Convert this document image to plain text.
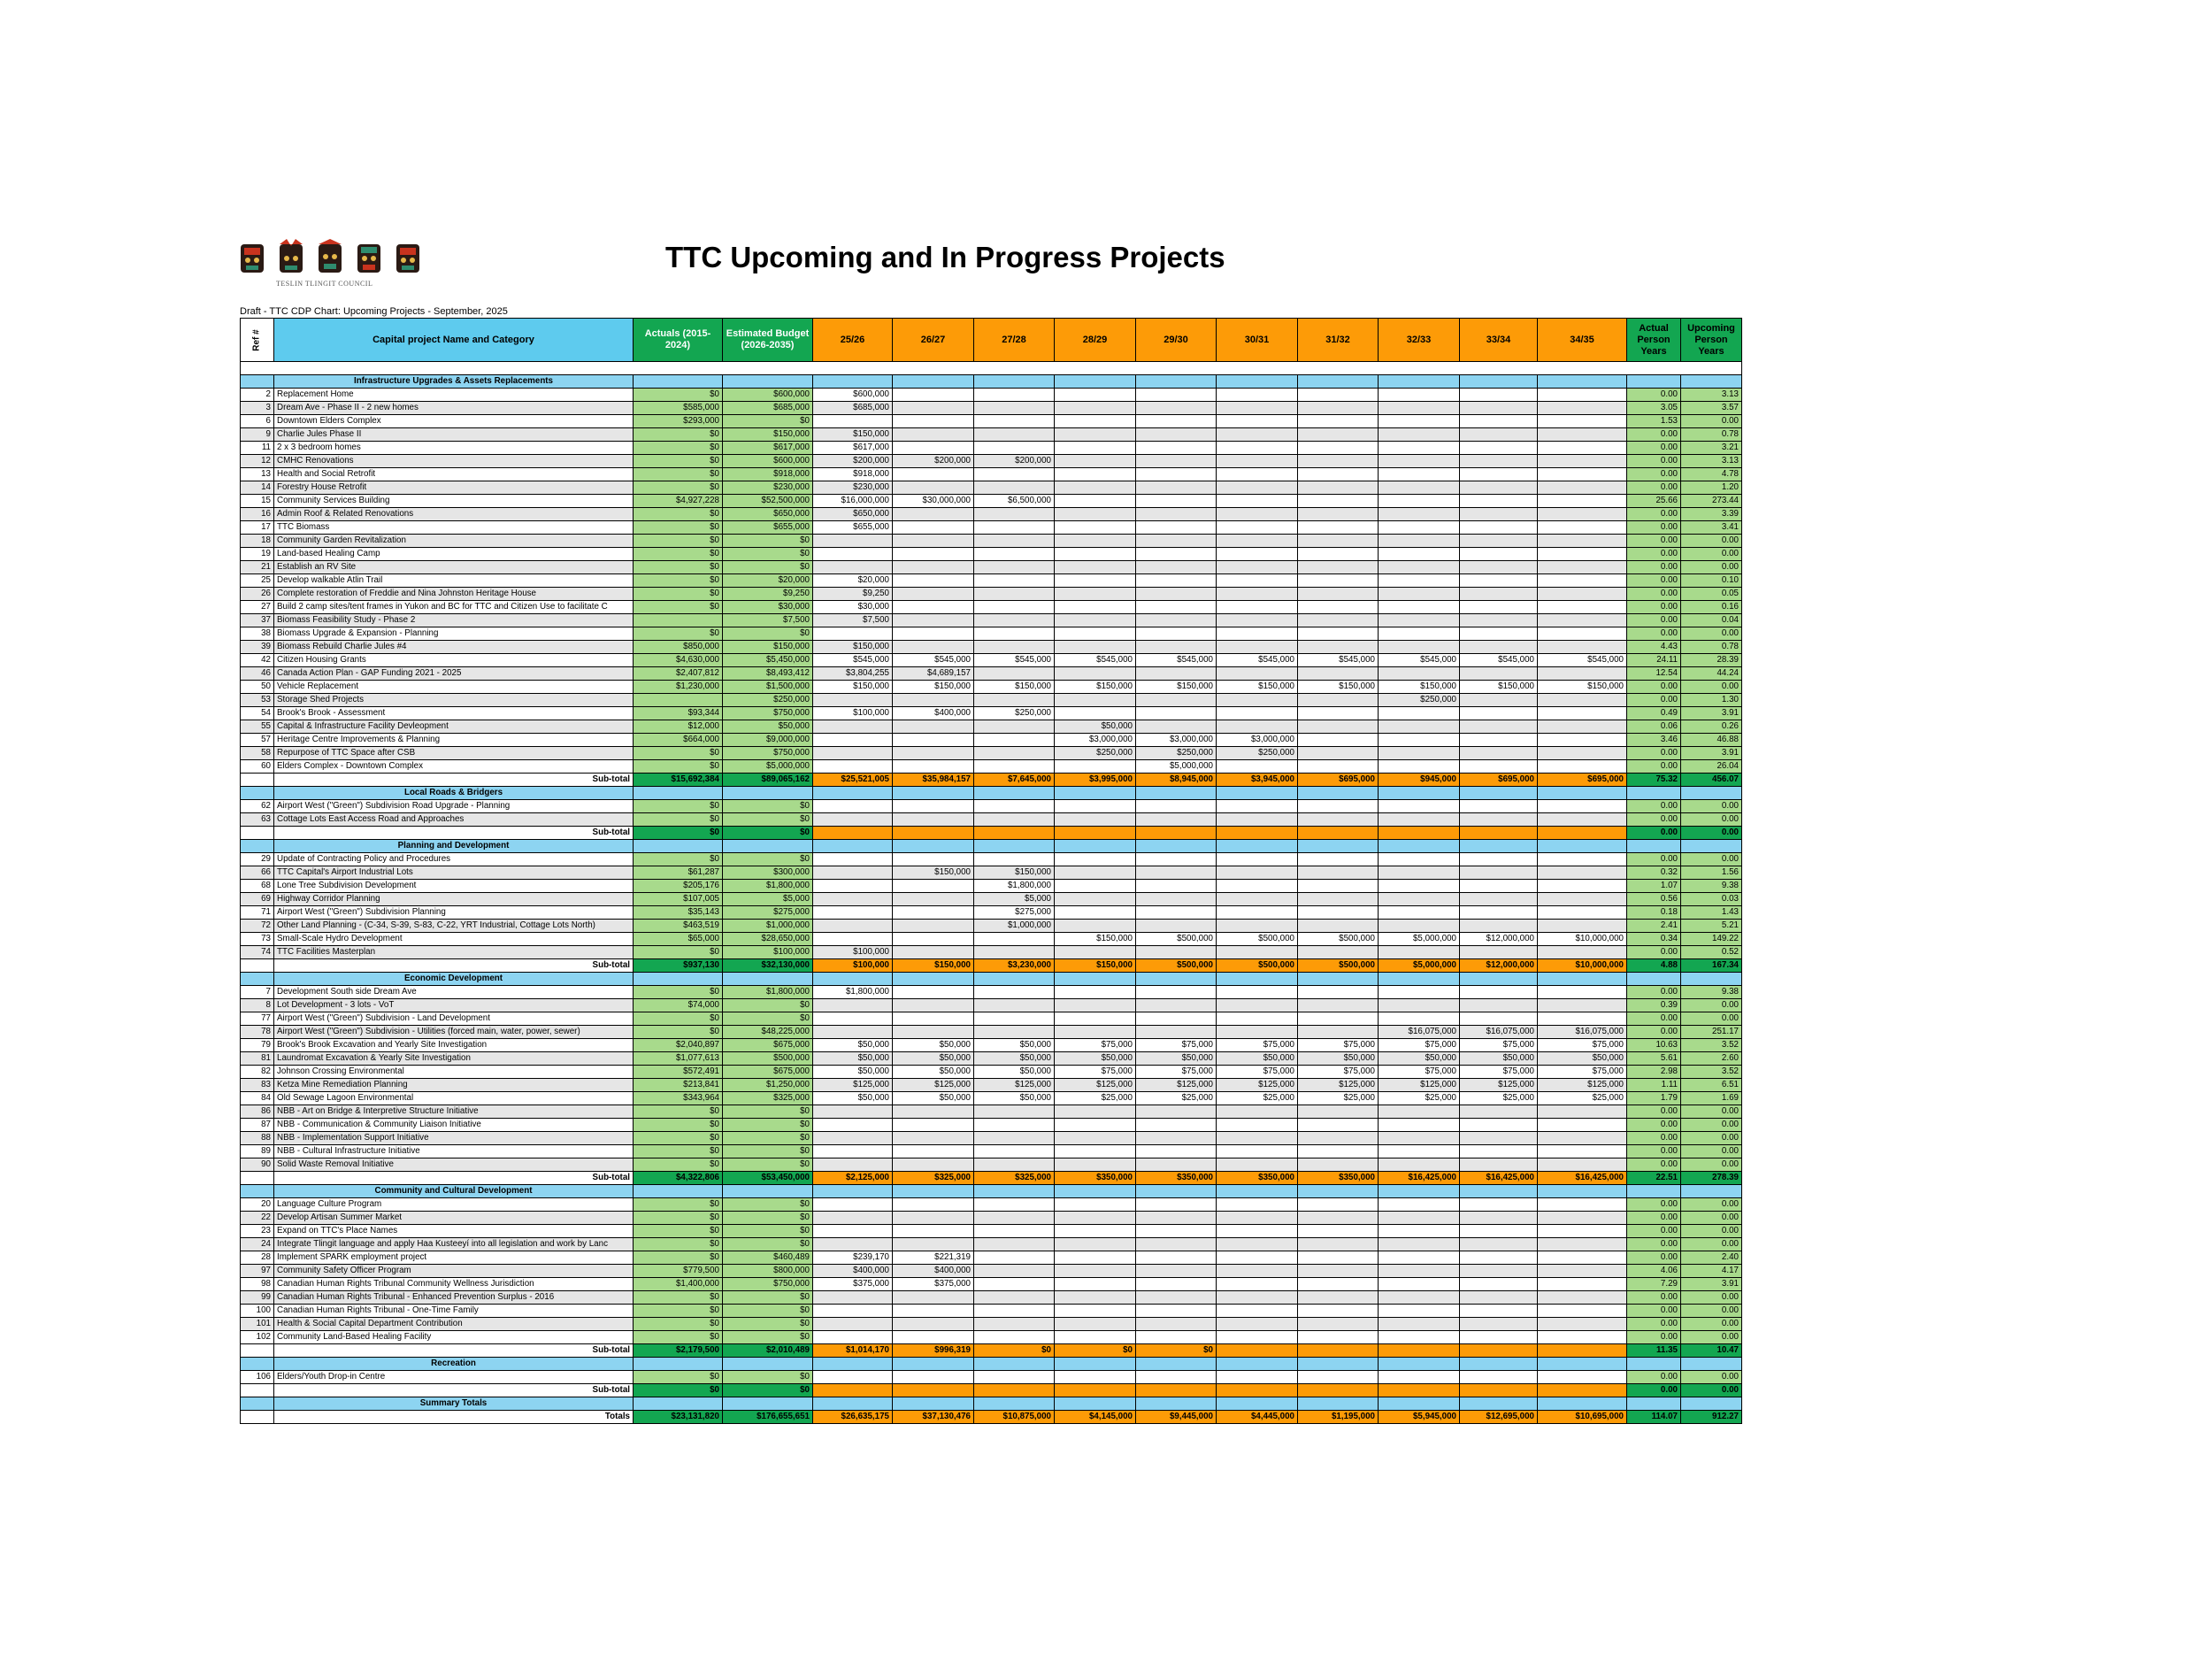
TESLIN TLINGIT COUNCIL
TTC Upcoming and In Progress Projects
Draft - TTC CDP Chart: Upcoming Projects - September, 2025
Ref #	Capital project Name and Category	Actuals (2015-2024)	Estimated Budget (2026-2035)	25/26	26/27	27/28	28/29	29/30	30/31	31/32	32/33	33/34	34/35	Actual Person Years	Upcoming Person Years

	Infrastructure Upgrades & Assets Replacements														
2	Replacement Home	$0	$600,000	$600,000										0.00	3.13
3	Dream Ave - Phase II - 2 new homes	$585,000	$685,000	$685,000										3.05	3.57
6	Downtown Elders Complex	$293,000	$0											1.53	0.00
9	Charlie Jules Phase II	$0	$150,000	$150,000										0.00	0.78
11	2 x 3 bedroom homes	$0	$617,000	$617,000										0.00	3.21
12	CMHC Renovations	$0	$600,000	$200,000	$200,000	$200,000								0.00	3.13
13	Health and Social Retrofit	$0	$918,000	$918,000										0.00	4.78
14	Forestry House Retrofit	$0	$230,000	$230,000										0.00	1.20
15	Community Services Building	$4,927,228	$52,500,000	$16,000,000	$30,000,000	$6,500,000								25.66	273.44
16	Admin Roof & Related Renovations	$0	$650,000	$650,000										0.00	3.39
17	TTC Biomass	$0	$655,000	$655,000										0.00	3.41
18	Community Garden Revitalization	$0	$0											0.00	0.00
19	Land-based Healing Camp	$0	$0											0.00	0.00
21	Establish an RV Site	$0	$0											0.00	0.00
25	Develop walkable Atlin Trail	$0	$20,000	$20,000										0.00	0.10
26	Complete restoration of Freddie and Nina Johnston Heritage House	$0	$9,250	$9,250										0.00	0.05
27	Build 2 camp sites/tent frames in Yukon and BC for TTC and Citizen Use to facilitate C	$0	$30,000	$30,000										0.00	0.16
37	Biomass Feasibility Study - Phase 2		$7,500	$7,500										0.00	0.04
38	Biomass Upgrade & Expansion - Planning	$0	$0											0.00	0.00
39	Biomass Rebuild Charlie Jules #4	$850,000	$150,000	$150,000										4.43	0.78
42	Citizen Housing Grants	$4,630,000	$5,450,000	$545,000	$545,000	$545,000	$545,000	$545,000	$545,000	$545,000	$545,000	$545,000	$545,000	24.11	28.39
46	Canada Action Plan - GAP Funding 2021 - 2025	$2,407,812	$8,493,412	$3,804,255	$4,689,157									12.54	44.24
50	Vehicle Replacement	$1,230,000	$1,500,000	$150,000	$150,000	$150,000	$150,000	$150,000	$150,000	$150,000	$150,000	$150,000	$150,000	0.00	0.00
53	Storage Shed Projects		$250,000								$250,000			0.00	1.30
54	Brook's Brook - Assessment	$93,344	$750,000	$100,000	$400,000	$250,000								0.49	3.91
55	Capital & Infrastructure Facility Devleopment	$12,000	$50,000				$50,000							0.06	0.26
57	Heritage Centre Improvements & Planning	$664,000	$9,000,000				$3,000,000	$3,000,000	$3,000,000					3.46	46.88
58	Repurpose of TTC Space after CSB	$0	$750,000				$250,000	$250,000	$250,000					0.00	3.91
60	Elders Complex - Downtown Complex	$0	$5,000,000					$5,000,000						0.00	26.04
	Sub-total	$15,692,384	$89,065,162	$25,521,005	$35,984,157	$7,645,000	$3,995,000	$8,945,000	$3,945,000	$695,000	$945,000	$695,000	$695,000	75.32	456.07
	Local Roads & Bridgers														
62	Airport West ("Green") Subdivision Road Upgrade - Planning	$0	$0											0.00	0.00
63	Cottage Lots East Access Road and Approaches	$0	$0											0.00	0.00
	Sub-total	$0	$0											0.00	0.00
	Planning and Development														
29	Update of Contracting Policy and Procedures	$0	$0											0.00	0.00
66	TTC Capital's Airport Industrial Lots	$61,287	$300,000		$150,000	$150,000								0.32	1.56
68	Lone Tree Subdivision Development	$205,176	$1,800,000			$1,800,000								1.07	9.38
69	Highway Corridor Planning	$107,005	$5,000			$5,000								0.56	0.03
71	Airport West ("Green") Subdivision Planning	$35,143	$275,000			$275,000								0.18	1.43
72	Other Land Planning - (C-34, S-39, S-83, C-22, YRT Industrial, Cottage Lots North)	$463,519	$1,000,000			$1,000,000								2.41	5.21
73	Small-Scale Hydro Development	$65,000	$28,650,000				$150,000	$500,000	$500,000	$500,000	$5,000,000	$12,000,000	$10,000,000	0.34	149.22
74	TTC Facilities Masterplan	$0	$100,000	$100,000										0.00	0.52
	Sub-total	$937,130	$32,130,000	$100,000	$150,000	$3,230,000	$150,000	$500,000	$500,000	$500,000	$5,000,000	$12,000,000	$10,000,000	4.88	167.34
	Economic Development														
7	Development South side Dream Ave	$0	$1,800,000	$1,800,000										0.00	9.38
8	Lot Development - 3 lots - VoT	$74,000	$0											0.39	0.00
77	Airport West ("Green") Subdivision - Land Development	$0	$0											0.00	0.00
78	Airport West ("Green") Subdivision - Utilities (forced main, water, power, sewer)	$0	$48,225,000								$16,075,000	$16,075,000	$16,075,000	0.00	251.17
79	Brook's Brook Excavation and Yearly Site Investigation	$2,040,897	$675,000	$50,000	$50,000	$50,000	$75,000	$75,000	$75,000	$75,000	$75,000	$75,000	$75,000	10.63	3.52
81	Laundromat Excavation & Yearly Site Investigation	$1,077,613	$500,000	$50,000	$50,000	$50,000	$50,000	$50,000	$50,000	$50,000	$50,000	$50,000	$50,000	5.61	2.60
82	Johnson Crossing Environmental	$572,491	$675,000	$50,000	$50,000	$50,000	$75,000	$75,000	$75,000	$75,000	$75,000	$75,000	$75,000	2.98	3.52
83	Ketza Mine Remediation Planning	$213,841	$1,250,000	$125,000	$125,000	$125,000	$125,000	$125,000	$125,000	$125,000	$125,000	$125,000	$125,000	1.11	6.51
84	Old Sewage Lagoon Environmental	$343,964	$325,000	$50,000	$50,000	$50,000	$25,000	$25,000	$25,000	$25,000	$25,000	$25,000	$25,000	1.79	1.69
86	NBB - Art on Bridge & Interpretive Structure Initiative	$0	$0											0.00	0.00
87	NBB - Communication & Community Liaison Initiative	$0	$0											0.00	0.00
88	NBB - Implementation Support Initiative	$0	$0											0.00	0.00
89	NBB - Cultural Infrastructure Initiative	$0	$0											0.00	0.00
90	Solid Waste Removal Initiative	$0	$0											0.00	0.00
	Sub-total	$4,322,806	$53,450,000	$2,125,000	$325,000	$325,000	$350,000	$350,000	$350,000	$350,000	$16,425,000	$16,425,000	$16,425,000	22.51	278.39
	Community and Cultural Development														
20	Language Culture Program	$0	$0											0.00	0.00
22	Develop Artisan Summer Market	$0	$0											0.00	0.00
23	Expand on TTC's Place Names	$0	$0											0.00	0.00
24	Integrate Tlingit language and apply Haa Kusteeyí into all legislation and work by Lanc	$0	$0											0.00	0.00
28	Implement SPARK employment project	$0	$460,489	$239,170	$221,319									0.00	2.40
97	Community Safety Officer Program	$779,500	$800,000	$400,000	$400,000									4.06	4.17
98	Canadian Human Rights Tribunal Community Wellness Jurisdiction	$1,400,000	$750,000	$375,000	$375,000									7.29	3.91
99	Canadian Human Rights Tribunal - Enhanced Prevention Surplus - 2016	$0	$0											0.00	0.00
100	Canadian Human Rights Tribunal - One-Time Family	$0	$0											0.00	0.00
101	Health & Social Capital Department Contribution	$0	$0											0.00	0.00
102	Community Land-Based Healing Facility	$0	$0											0.00	0.00
	Sub-total	$2,179,500	$2,010,489	$1,014,170	$996,319	$0	$0	$0						11.35	10.47
	Recreation														
106	Elders/Youth Drop-in Centre	$0	$0											0.00	0.00
	Sub-total	$0	$0											0.00	0.00
	Summary Totals														
	Totals	$23,131,820	$176,655,651	$26,635,175	$37,130,476	$10,875,000	$4,145,000	$9,445,000	$4,445,000	$1,195,000	$5,945,000	$12,695,000	$10,695,000	114.07	912.27
